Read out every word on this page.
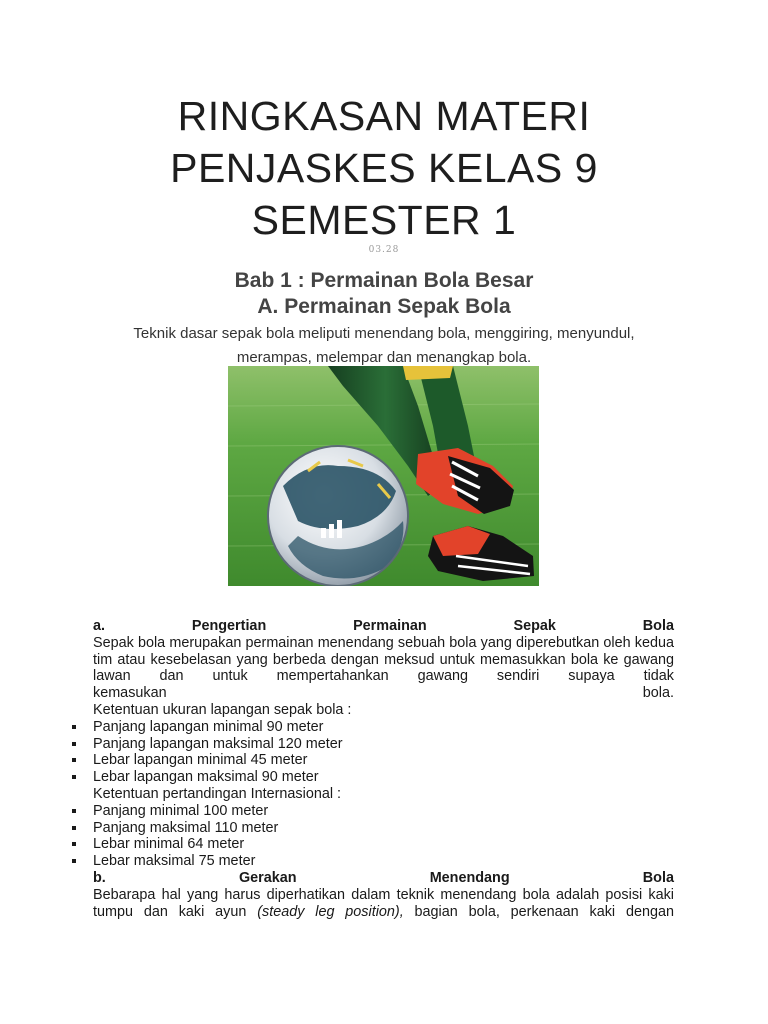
RINGKASAN MATERI
PENJASKES KELAS 9
SEMESTER 1
03.28
Bab 1 : Permainan Bola Besar
A. Permainan Sepak Bola
Teknik dasar sepak bola meliputi menendang bola, menggiring, menyundul,
merampas, melempar dan menangkap bola.
a.	Pengertian	Permainan	Sepak	Bola
Sepak bola merupakan permainan menendang sebuah bola yang diperebutkan oleh kedua tim atau kesebelasan yang berbeda dengan meksud untuk memasukkan bola ke gawang lawan dan untuk mempertahankan gawang sendiri supaya tidak
kemasukan	bola.
Ketentuan ukuran lapangan sepak bola :
Panjang lapangan minimal 90 meter
Panjang lapangan maksimal 120 meter
Lebar lapangan minimal 45 meter
Lebar lapangan maksimal 90 meter
Ketentuan pertandingan Internasional :
Panjang minimal 100 meter
Panjang maksimal 110 meter
Lebar minimal 64 meter
Lebar maksimal 75 meter
b.	Gerakan	Menendang	Bola
Bebarapa hal yang harus diperhatikan dalam teknik menendang bola adalah posisi kaki tumpu dan kaki ayun (steady leg position), bagian bola, perkenaan kaki dengan
